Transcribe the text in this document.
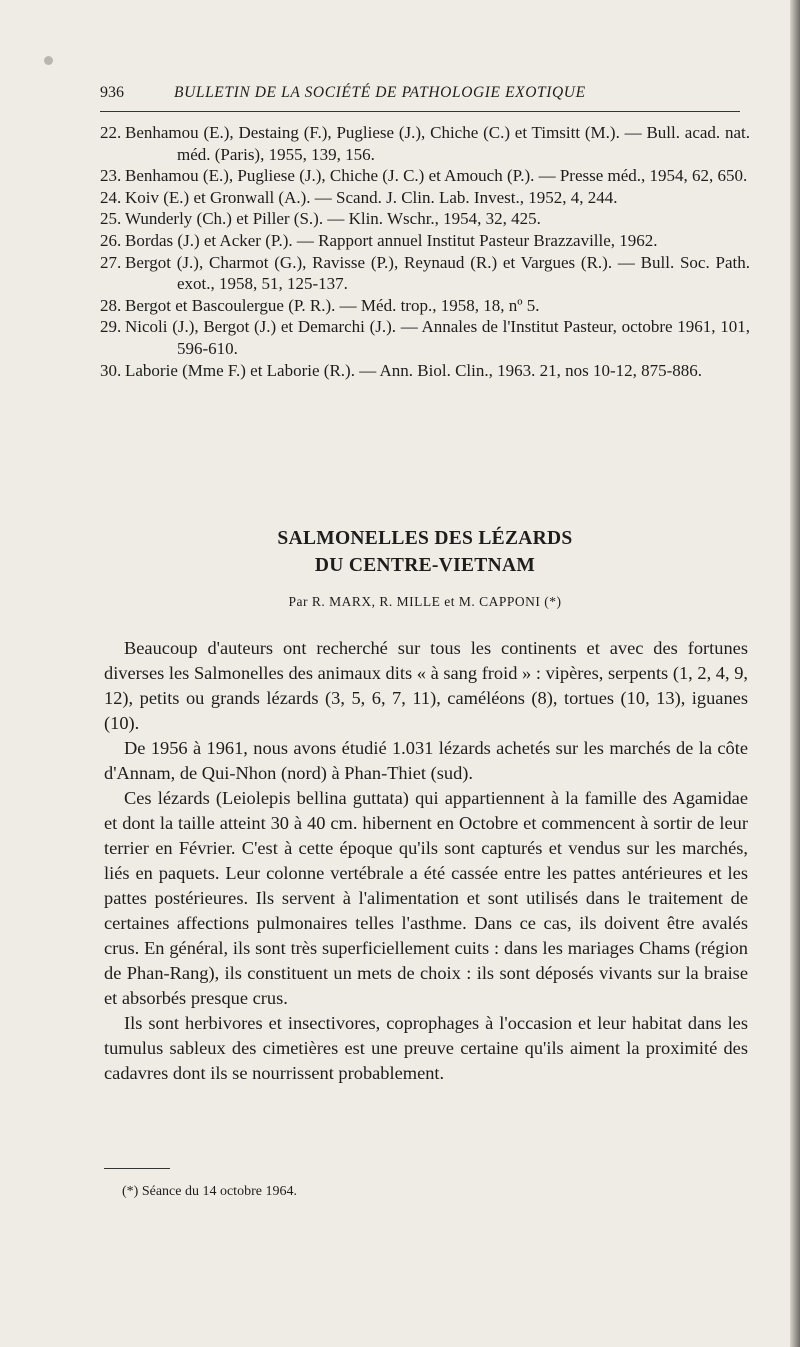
936	BULLETIN DE LA SOCIÉTÉ DE PATHOLOGIE EXOTIQUE
22. Benhamou (E.), Destaing (F.), Pugliese (J.), Chiche (C.) et Timsitt (M.). — Bull. acad. nat. méd. (Paris), 1955, 139, 156.
23. Benhamou (E.), Pugliese (J.), Chiche (J. C.) et Amouch (P.). — Presse méd., 1954, 62, 650.
24. Koiv (E.) et Gronwall (A.). — Scand. J. Clin. Lab. Invest., 1952, 4, 244.
25. Wunderly (Ch.) et Piller (S.). — Klin. Wschr., 1954, 32, 425.
26. Bordas (J.) et Acker (P.). — Rapport annuel Institut Pasteur Brazzaville, 1962.
27. Bergot (J.), Charmot (G.), Ravisse (P.), Reynaud (R.) et Vargues (R.). — Bull. Soc. Path. exot., 1958, 51, 125-137.
28. Bergot et Bascoulergue (P. R.). — Méd. trop., 1958, 18, nº 5.
29. Nicoli (J.), Bergot (J.) et Demarchi (J.). — Annales de l'Institut Pasteur, octobre 1961, 101, 596-610.
30. Laborie (Mme F.) et Laborie (R.). — Ann. Biol. Clin., 1963. 21, nos 10-12, 875-886.
SALMONELLES DES LÉZARDS
DU CENTRE-VIETNAM
Par R. MARX, R. MILLE et M. CAPPONI (*)

Beaucoup d'auteurs ont recherché sur tous les continents et avec des fortunes diverses les Salmonelles des animaux dits « à sang froid » : vipères, serpents (1, 2, 4, 9, 12), petits ou grands lézards (3, 5, 6, 7, 11), caméléons (8), tortues (10, 13), iguanes (10).

De 1956 à 1961, nous avons étudié 1.031 lézards achetés sur les marchés de la côte d'Annam, de Qui-Nhon (nord) à Phan-Thiet (sud).

Ces lézards (Leiolepis bellina guttata) qui appartiennent à la famille des Agamidae et dont la taille atteint 30 à 40 cm. hibernent en Octobre et commencent à sortir de leur terrier en Février. C'est à cette époque qu'ils sont capturés et vendus sur les marchés, liés en paquets. Leur colonne vertébrale a été cassée entre les pattes antérieures et les pattes postérieures. Ils servent à l'alimentation et sont utilisés dans le traitement de certaines affections pulmonaires telles l'asthme. Dans ce cas, ils doivent être avalés crus. En général, ils sont très superficiellement cuits : dans les mariages Chams (région de Phan-Rang), ils constituent un mets de choix : ils sont déposés vivants sur la braise et absorbés presque crus.

Ils sont herbivores et insectivores, coprophages à l'occasion et leur habitat dans les tumulus sableux des cimetières est une preuve certaine qu'ils aiment la proximité des cadavres dont ils se nourrissent probablement.

(*) Séance du 14 octobre 1964.
